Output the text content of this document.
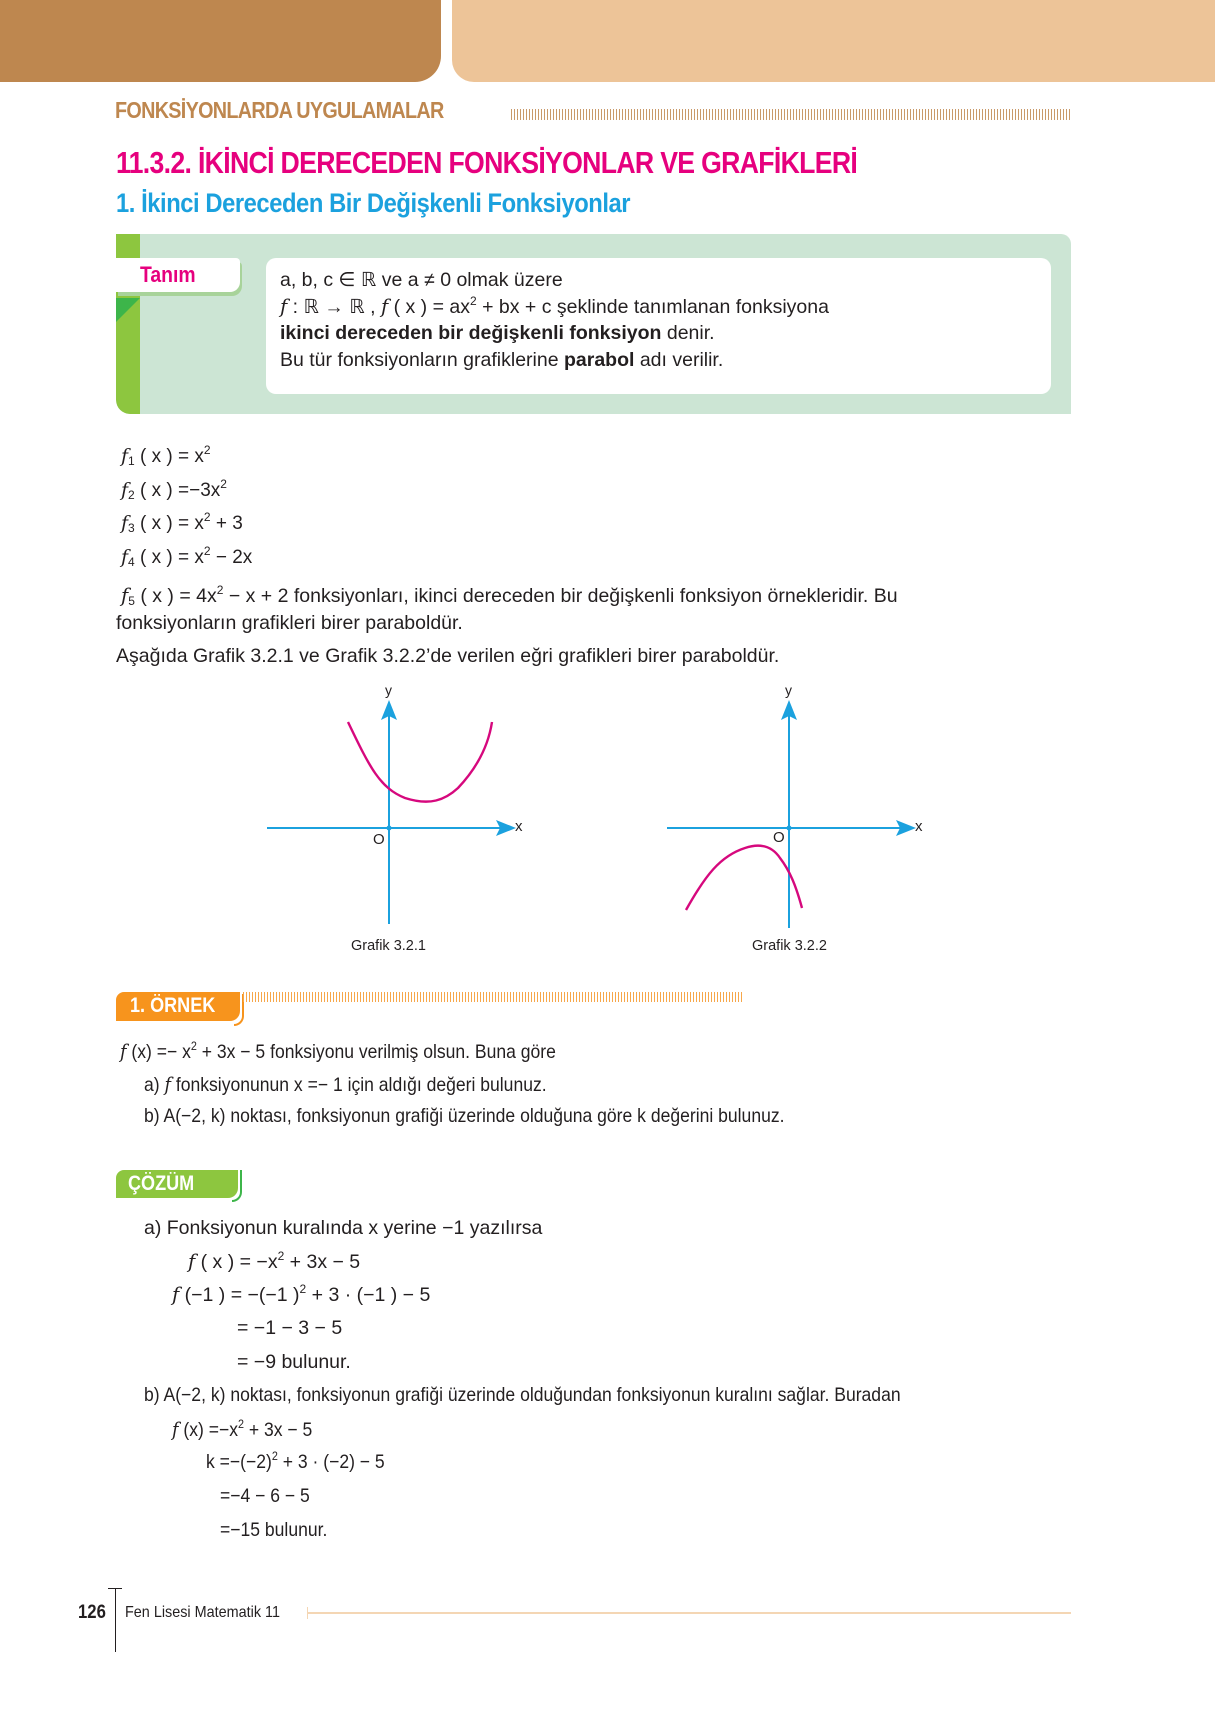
FONKSİYONLARDA UYGULAMALAR
11.3.2. İKİNCİ DERECEDEN FONKSİYONLAR VE GRAFİKLERİ
1. İkinci Dereceden Bir Değişkenli Fonksiyonlar
Tanım	a, b, c ∈ ℝ ve a ≠ 0 olmak üzere
f : ℝ → ℝ , f ( x ) = $ax^2$ + bx + c şeklinde tanımlanan fonksiyona
ikinci dereceden bir değişkenli fonksiyon denir.
Bu tür fonksiyonların grafiklerine parabol adı verilir.
$f_1$ ( x ) = $x^2$
$f_2$ ( x ) $=-3x^2$
$f_3$ ( x ) = $x^2 + 3$
$f_4$ ( x ) = $x^2 - 2x$
$f_5$ ( x ) = $4x^2 - x + 2$ fonksiyonları, ikinci dereceden bir değişkenli fonksiyon örnekleridir. Bu
fonksiyonların grafikleri birer paraboldür.
Aşağıda Grafik 3.2.1 ve Grafik 3.2.2’de verilen eğri grafikleri birer paraboldür.
y
x
O
Grafik 3.2.1
y
x
O
Grafik 3.2.2
1. ÖRNEK
f $(x) =- x^2 + 3x - 5$ fonksiyonu verilmiş olsun. Buna göre
a) f fonksiyonunun x =− 1 için aldığı değeri bulunuz.
b) A(−2, k) noktası, fonksiyonun grafiği üzerinde olduğuna göre k değerini bulunuz.
ÇÖZÜM
a) Fonksiyonun kuralında x yerine −1 yazılırsa
f ( x ) = $-x^2 + 3x - 5$
f (−1 ) = −(−1 )$^2$ + 3 · (−1 ) − 5
= −1 − 3 − 5
= −9 bulunur.
b) A(−2, k) noktası, fonksiyonun grafiği üzerinde olduğundan fonksiyonun kuralını sağlar. Buradan
f $(x) =-x^2 + 3x - 5$
$k =-(-2)^2 + 3 \cdot (-2) - 5$
=−4 − 6 − 5
=−15 bulunur.
126 Fen Lisesi Matematik 11
